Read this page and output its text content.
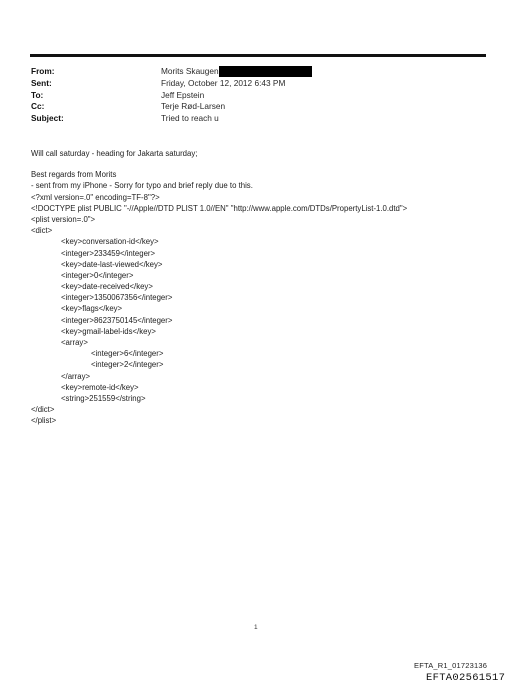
From:	Morits Skaugen
Sent:	Friday, October 12, 2012 6:43 PM
To:	Jeff Epstein
Cc:	Terje Rød-Larsen
Subject:	Tried to reach u
Will call saturday - heading for Jakarta saturday;
Best regards from Morits
- sent from my iPhone - Sorry for typo and brief reply due to this.
<?xml version=.0" encoding=TF-8"?>
<!DOCTYPE plist PUBLIC "-//Apple//DTD PLIST 1.0//EN" "http://www.apple.com/DTDs/PropertyList-1.0.dtd">
<plist version=.0">
<dict>
<key>conversation-id</key>
<integer>233459</integer>
<key>date-last-viewed</key>
<integer>0</integer>
<key>date-received</key>
<integer>1350067356</integer>
<key>flags</key>
<integer>8623750145</integer>
<key>gmail-label-ids</key>
<array>
<integer>6</integer>
<integer>2</integer>
</array>
<key>remote-id</key>
<string>251559</string>
</dict>
</plist>
1
EFTA_R1_01723136
EFTA02561517
